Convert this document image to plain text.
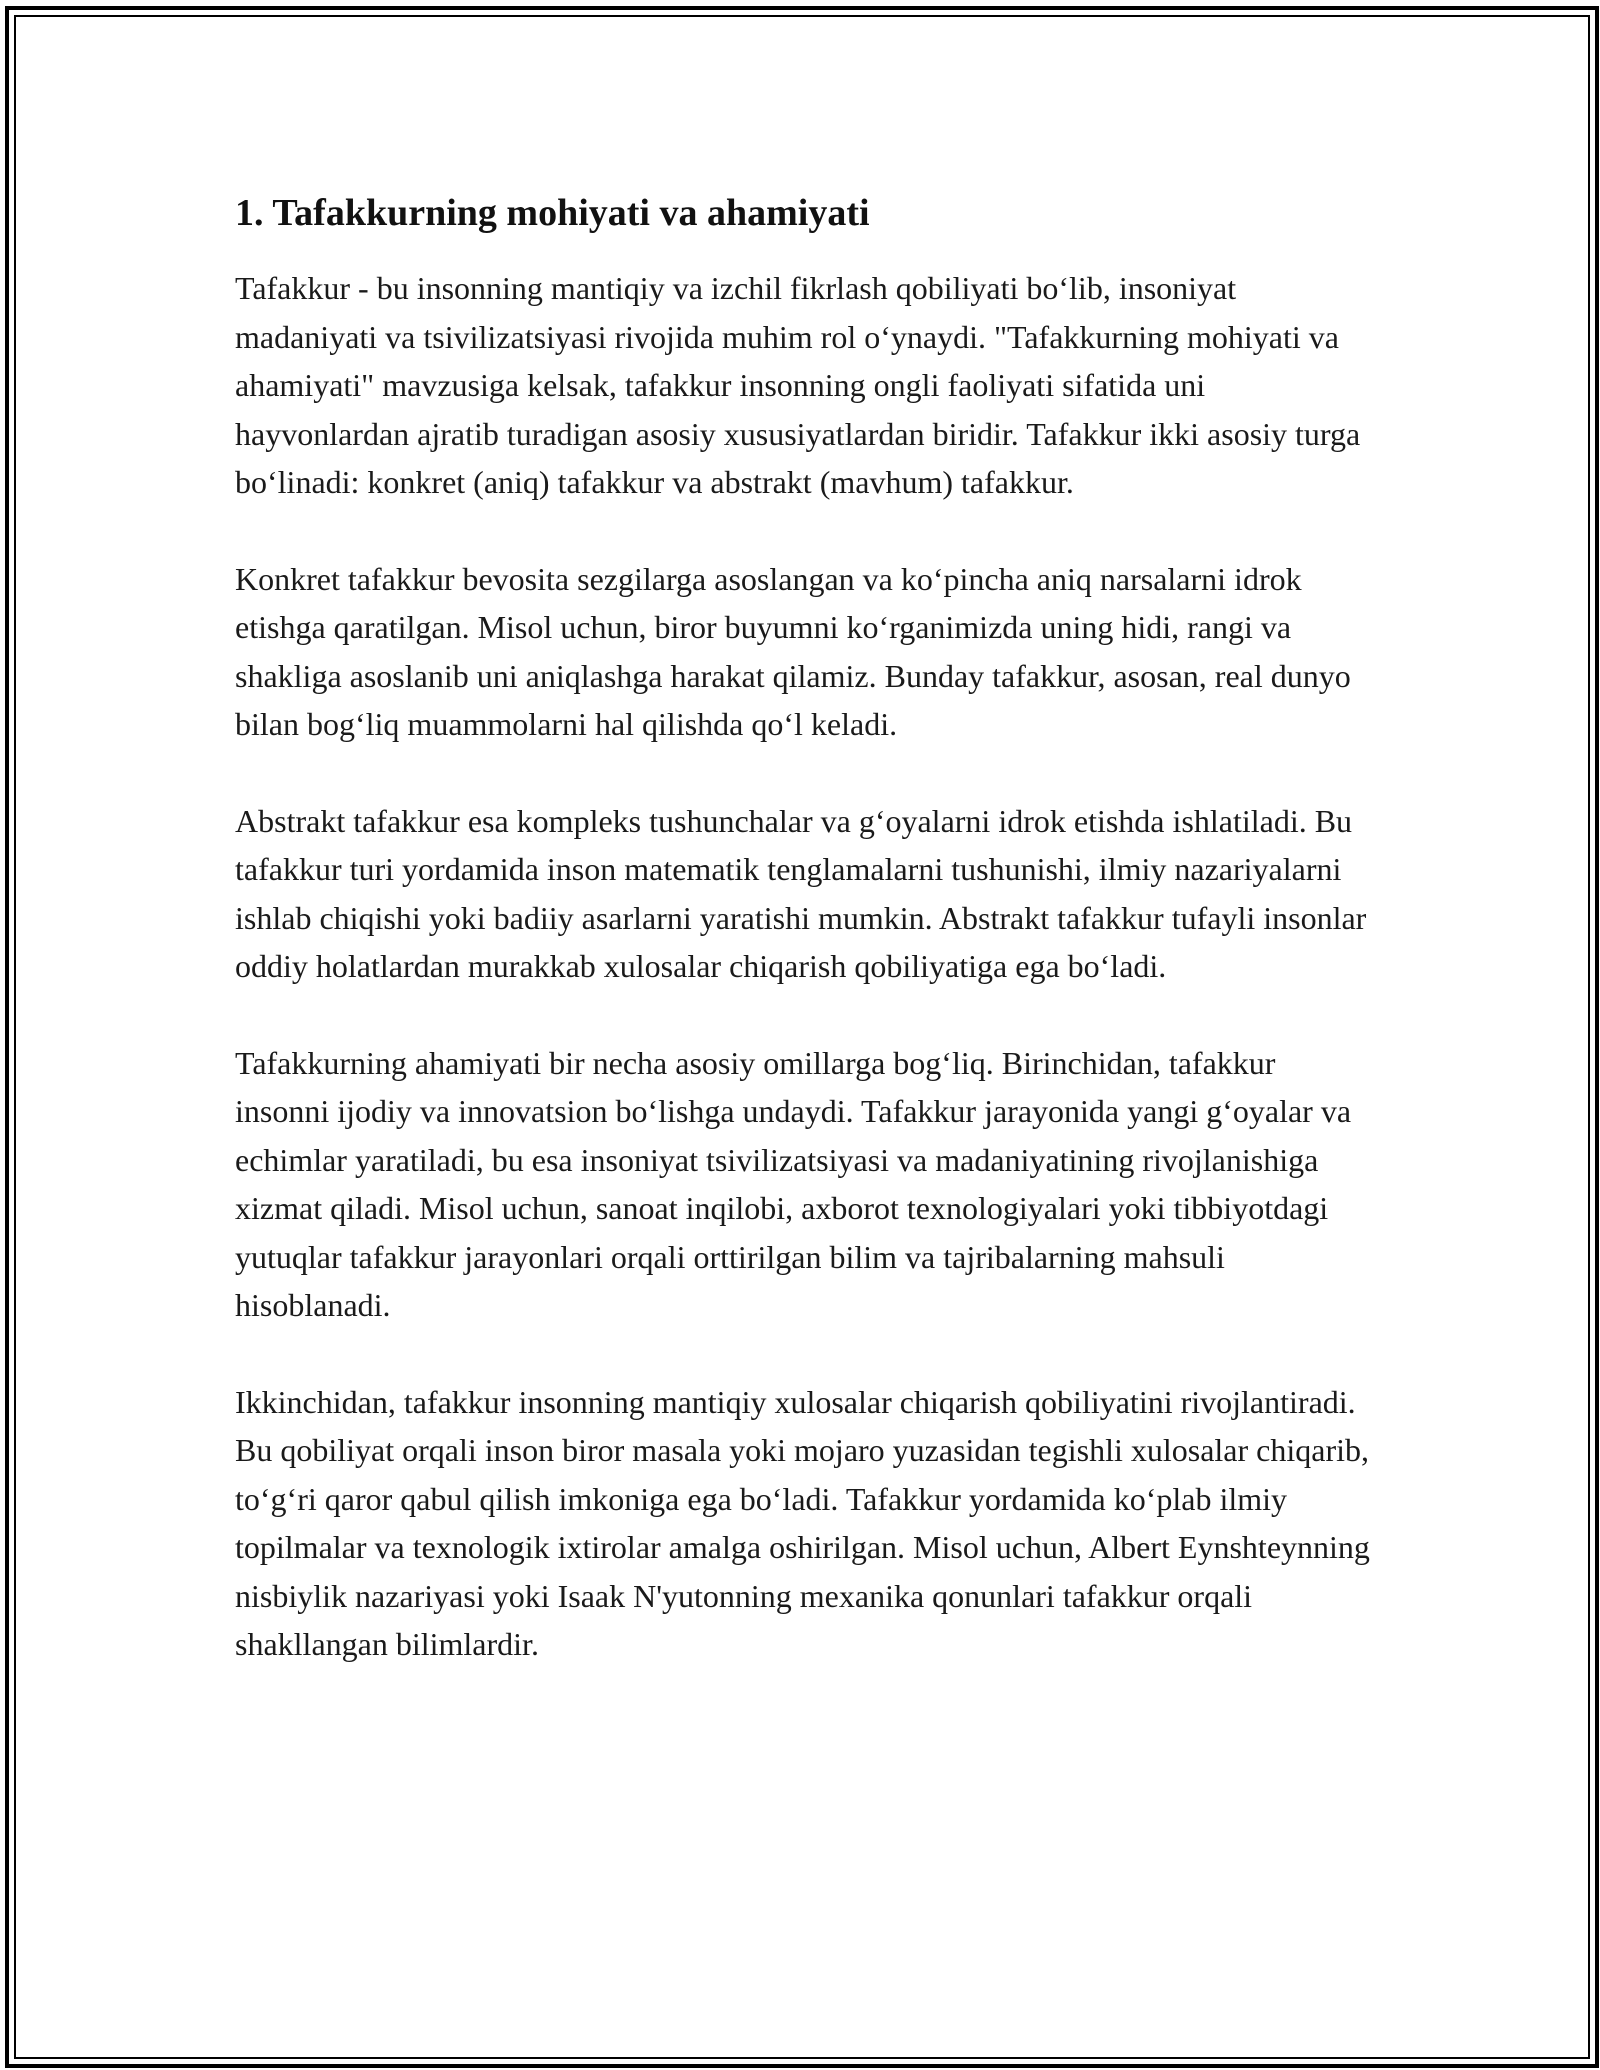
1. Tafakkurning mohiyati va ahamiyati

Tafakkur - bu insonning mantiqiy va izchil fikrlash qobiliyati bo‘lib, insoniyat madaniyati va tsivilizatsiyasi rivojida muhim rol o‘ynaydi. "Tafakkurning mohiyati va ahamiyati" mavzusiga kelsak, tafakkur insonning ongli faoliyati sifatida uni hayvonlardan ajratib turadigan asosiy xususiyatlardan biridir. Tafakkur ikki asosiy turga bo‘linadi: konkret (aniq) tafakkur va abstrakt (mavhum) tafakkur.

Konkret tafakkur bevosita sezgilarga asoslangan va ko‘pincha aniq narsalarni idrok etishga qaratilgan. Misol uchun, biror buyumni ko‘rganimizda uning hidi, rangi va shakliga asoslanib uni aniqlashga harakat qilamiz. Bunday tafakkur, asosan, real dunyo bilan bog‘liq muammolarni hal qilishda qo‘l keladi.

Abstrakt tafakkur esa kompleks tushunchalar va g‘oyalarni idrok etishda ishlatiladi. Bu tafakkur turi yordamida inson matematik tenglamalarni tushunishi, ilmiy nazariyalarni ishlab chiqishi yoki badiiy asarlarni yaratishi mumkin. Abstrakt tafakkur tufayli insonlar oddiy holatlardan murakkab xulosalar chiqarish qobiliyatiga ega bo‘ladi.

Tafakkurning ahamiyati bir necha asosiy omillarga bog‘liq. Birinchidan, tafakkur insonni ijodiy va innovatsion bo‘lishga undaydi. Tafakkur jarayonida yangi g‘oyalar va echimlar yaratiladi, bu esa insoniyat tsivilizatsiyasi va madaniyatining rivojlanishiga xizmat qiladi. Misol uchun, sanoat inqilobi, axborot texnologiyalari yoki tibbiyotdagi yutuqlar tafakkur jarayonlari orqali orttirilgan bilim va tajribalarning mahsuli hisoblanadi.

Ikkinchidan, tafakkur insonning mantiqiy xulosalar chiqarish qobiliyatini rivojlantiradi. Bu qobiliyat orqali inson biror masala yoki mojaro yuzasidan tegishli xulosalar chiqarib, to‘g‘ri qaror qabul qilish imkoniga ega bo‘ladi. Tafakkur yordamida ko‘plab ilmiy topilmalar va texnologik ixtirolar amalga oshirilgan. Misol uchun, Albert Eynshteynning nisbiylik nazariyasi yoki Isaak N'yutonning mexanika qonunlari tafakkur orqali shakllangan bilimlardir.
